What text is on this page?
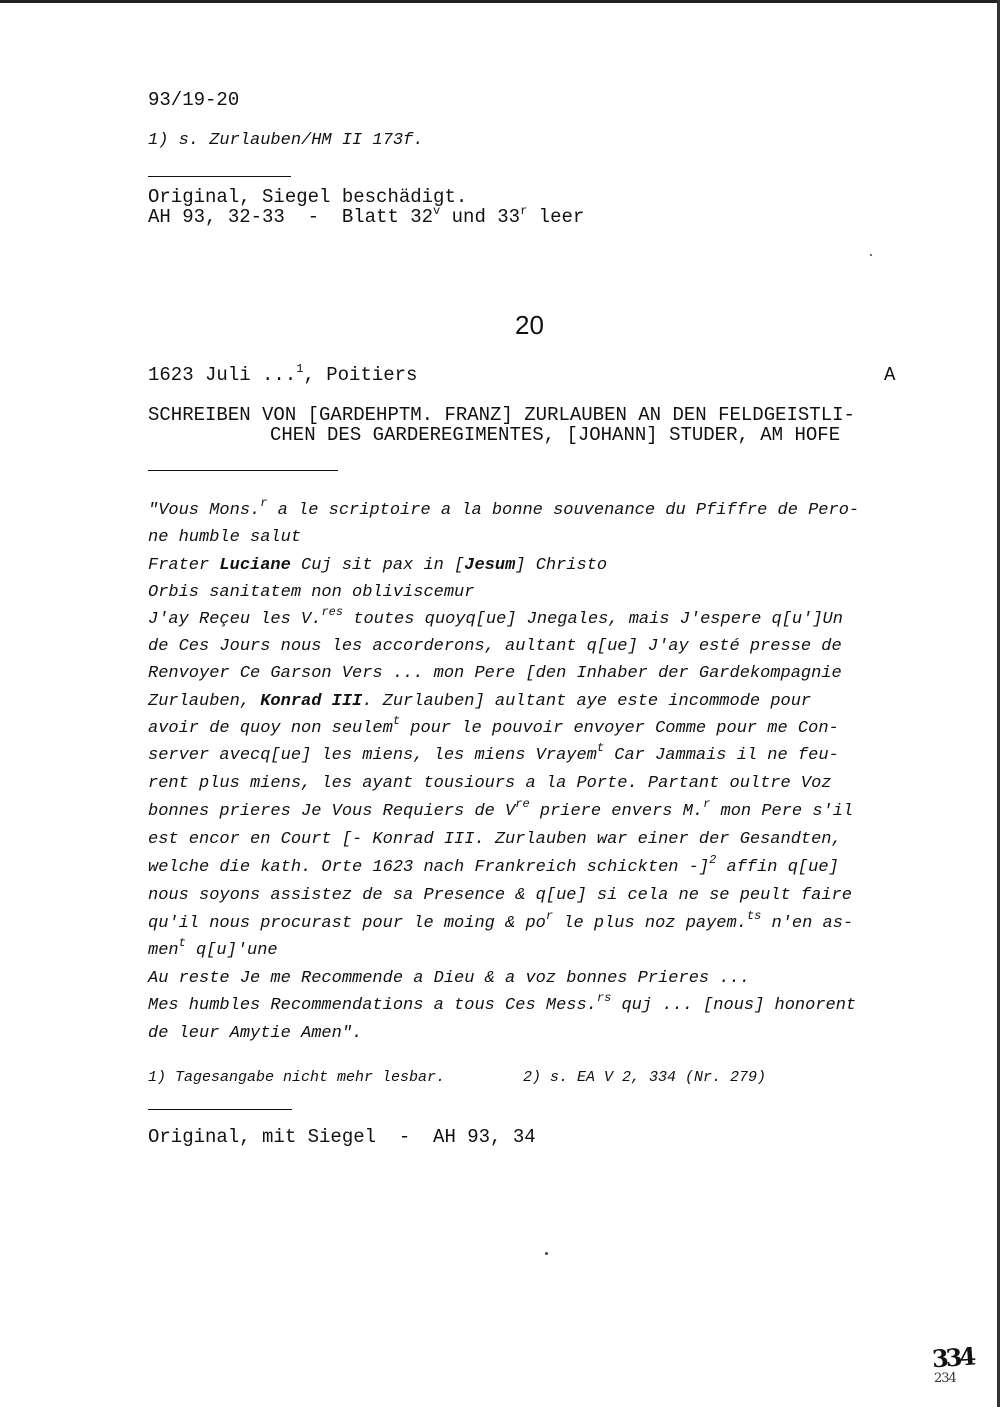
93/19-20
1) s. Zurlauben/HM II 173f.
Original, Siegel beschädigt.
AH 93, 32-33  -  Blatt 32$^v$ und 33$^r$ leer
20
1623 Juli ...$^1$, Poitiers	A
SCHREIBEN VON [GARDEHPTM. FRANZ] ZURLAUBEN AN DEN FELDGEISTLI-
CHEN DES GARDEREGIMENTES, [JOHANN] STUDER, AM HOFE
"Vous Mons.$^r$ a le scriptoire a la bonne souvenance du Pfiffre de Pero-
ne humble salut
Frater Luciane Cuj sit pax in [Jesum] Christo
Orbis sanitatem non obliviscemur
J'ay Reçeu les V.$^{res}$ toutes quoyq[ue] Jnegales, mais J'espere q[u']Un
de Ces Jours nous les accorderons, aultant q[ue] J'ay esté presse de
Renvoyer Ce Garson Vers ... mon Pere [den Inhaber der Gardekompagnie
Zurlauben, Konrad III. Zurlauben] aultant aye este incommode pour
avoir de quoy non seulem$^t$ pour le pouvoir envoyer Comme pour me Con-
server avecq[ue] les miens, les miens Vrayem$^t$ Car Jammais il ne feu-
rent plus miens, les ayant tousiours a la Porte. Partant oultre Voz
bonnes prieres Je Vous Requiers de Vre priere envers M.$^r$ mon Pere s'il
est encor en Court [- Konrad III. Zurlauben war einer der Gesandten,
welche die kath. Orte 1623 nach Frankreich schickten -]$^2$ affin q[ue]
nous soyons assistez de sa Presence & q[ue] si cela ne se peult faire
qu'il nous procurast pour le moing & $po^r$ le plus noz payem.$^{ts}$ n'en as-
men$^t$ q[u]'une
Au reste Je me Recommende a Dieu & a voz bonnes Prieres ...
Mes humbles Recommendations a tous Ces Mess.$^{rs}$ quj ... [nous] honorent
de leur Amytie Amen".
1) Tagesangabe nicht mehr lesbar.	2) s. EA V 2, 334 (Nr. 279)
Original, mit Siegel  -  AH 93, 34
334
234
